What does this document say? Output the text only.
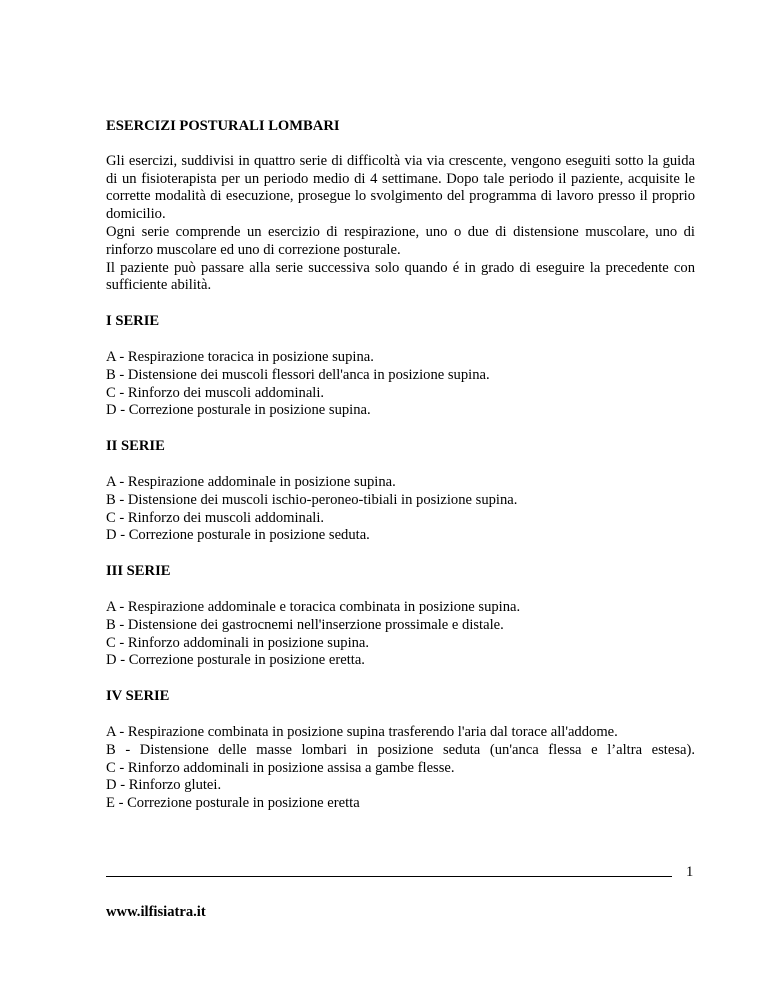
ESERCIZI POSTURALI LOMBARI

Gli esercizi, suddivisi in quattro serie di difficoltà via via crescente, vengono eseguiti sotto la guida di un fisioterapista per un periodo medio di 4 settimane. Dopo tale periodo il paziente, acquisite le corrette modalità di esecuzione, prosegue lo svolgimento del programma di lavoro presso il proprio domicilio.

Ogni serie comprende un esercizio di respirazione, uno o due di distensione muscolare, uno di rinforzo muscolare ed uno di correzione posturale.

Il paziente può passare alla serie successiva solo quando é in grado di eseguire la precedente con sufficiente abilità.

I SERIE
A - Respirazione toracica in posizione supina.
B - Distensione dei muscoli flessori dell'anca in posizione supina.
C - Rinforzo dei muscoli addominali.
D - Correzione posturale in posizione supina.
II SERIE
A - Respirazione addominale in posizione supina.
B - Distensione dei muscoli ischio-peroneo-tibiali in posizione supina.
C - Rinforzo dei muscoli addominali.
D - Correzione posturale in posizione seduta.
III SERIE
A - Respirazione addominale e toracica combinata in posizione supina.
B - Distensione dei gastrocnemi nell'inserzione prossimale e distale.
C - Rinforzo addominali in posizione supina.
D - Correzione posturale in posizione eretta.
IV SERIE
A - Respirazione combinata in posizione supina trasferendo l'aria dal torace all'addome.
B - Distensione delle masse lombari in posizione seduta (un'anca flessa e l’altra estesa).
C - Rinforzo addominali in posizione assisa a gambe flesse.
D - Rinforzo glutei.
E - Correzione posturale in posizione eretta
1
www.ilfisiatra.it
